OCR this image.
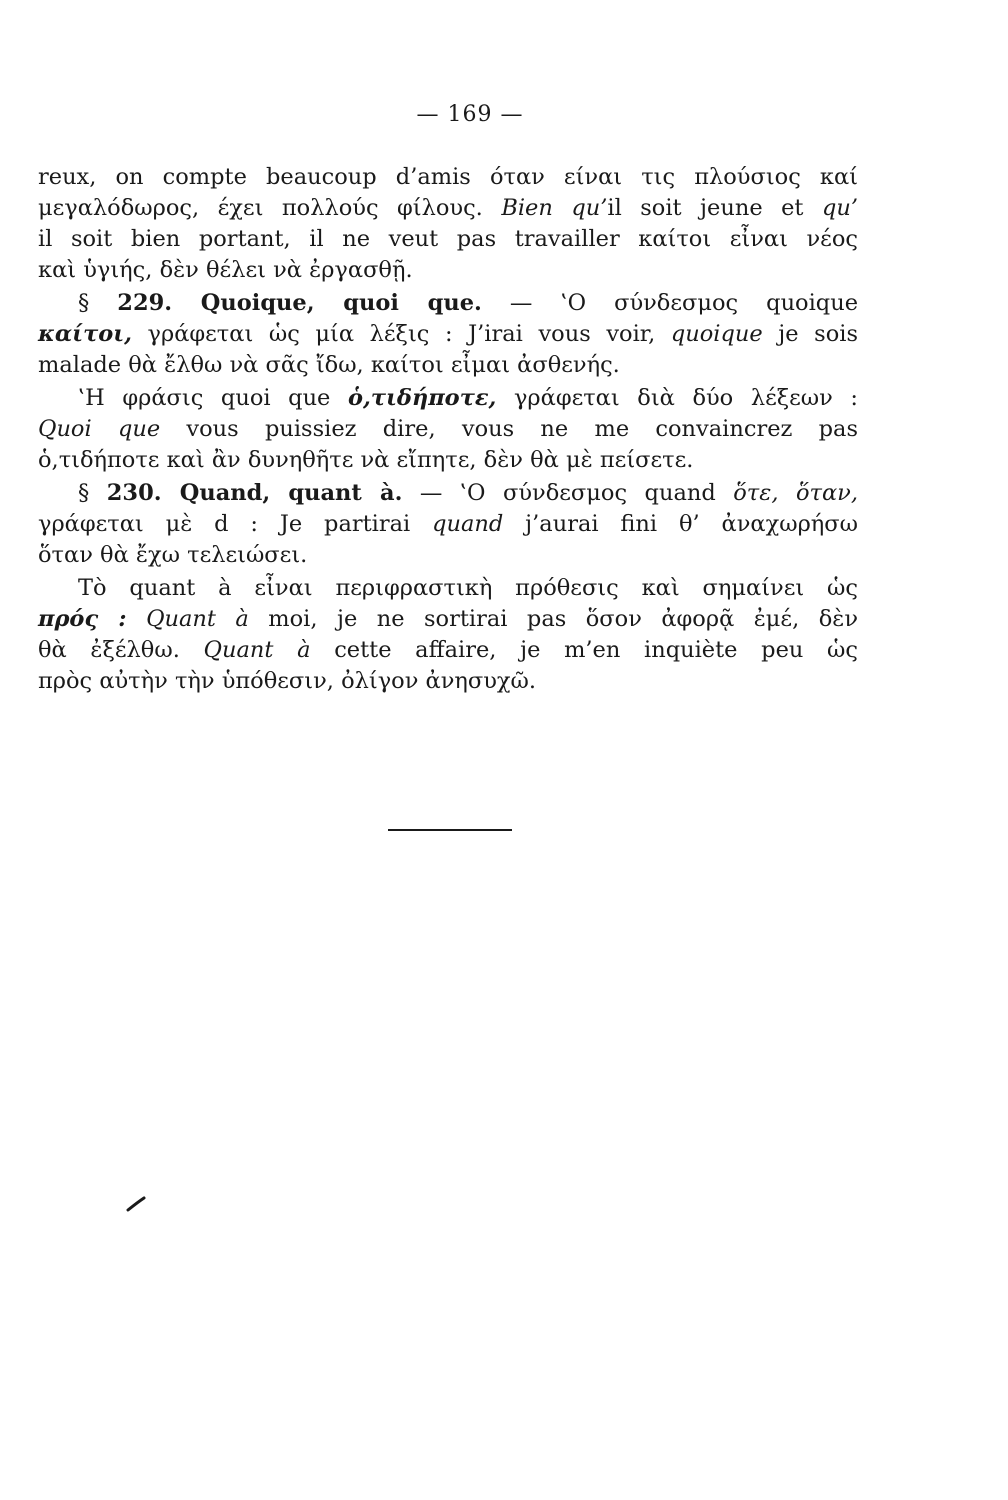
— 169 —
reux, on compte beaucoup d’amis όταν είναι τις πλούσιος καί
μεγαλόδωρος, έχει πολλούς φίλους. Bien qu’il soit jeune et qu’
il soit bien portant, il ne veut pas travailler καίτοι εἶναι νέος
καὶ ὑγιής, δὲν θέλει νὰ ἐργασθῇ.
§ 229. Quoique, quoi que. — ‛Ο σύνδεσμος quoique
καίτοι, γράφεται ὡς μία λέξις : J’irai vous voir, quoique je sois
malade θὰ ἔλθω νὰ σᾶς ἴδω, καίτοι εἶμαι ἀσθενής.
‛Η φράσις quoi que ὁ,τιδήποτε, γράφεται διὰ δύο λέξεων :
Quoi que vous puissiez dire, vous ne me convaincrez pas
ὁ,τιδήποτε καὶ ἂν δυνηθῆτε νὰ εἴπητε, δὲν θὰ μὲ πείσετε.
§ 230. Quand, quant à. — ‛Ο σύνδεσμος quand ὅτε, ὅταν,
γράφεται μὲ d : Je partirai quand j’aurai fini θ’ ἀναχωρήσω
ὅταν θὰ ἔχω τελειώσει.
Τὸ quant à εἶναι περιφραστικὴ πρόθεσις καὶ σημαίνει ὡς
πρός : Quant à moi, je ne sortirai pas ὅσον ἀφορᾷ ἐμέ, δὲν
θὰ ἐξέλθω. Quant à cette affaire, je m’en inquiète peu ὡς
πρὸς αὐτὴν τὴν ὑπόθεσιν, ὀλίγον ἀνησυχῶ.
